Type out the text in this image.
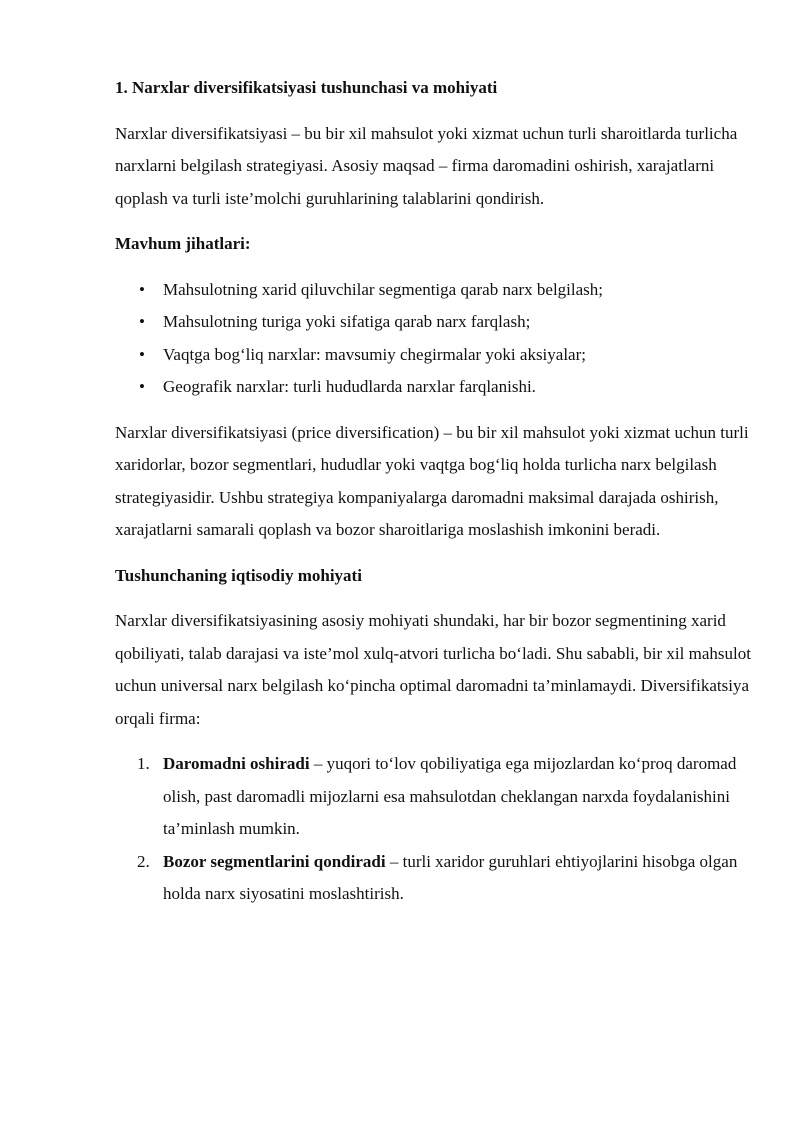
1. Narxlar diversifikatsiyasi tushunchasi va mohiyati

Narxlar diversifikatsiyasi – bu bir xil mahsulot yoki xizmat uchun turli sharoitlarda turlicha narxlarni belgilash strategiyasi. Asosiy maqsad – firma daromadini oshirish, xarajatlarni qoplash va turli iste’molchi guruhlarining talablarini qondirish.

Mavhum jihatlari:
• Mahsulotning xarid qiluvchilar segmentiga qarab narx belgilash;
• Mahsulotning turiga yoki sifatiga qarab narx farqlash;
• Vaqtga bog‘liq narxlar: mavsumiy chegirmalar yoki aksiyalar;
• Geografik narxlar: turli hududlarda narxlar farqlanishi.

Narxlar diversifikatsiyasi (price diversification) – bu bir xil mahsulot yoki xizmat uchun turli xaridorlar, bozor segmentlari, hududlar yoki vaqtga bog‘liq holda turlicha narx belgilash strategiyasidir. Ushbu strategiya kompaniyalarga daromadni maksimal darajada oshirish, xarajatlarni samarali qoplash va bozor sharoitlariga moslashish imkonini beradi.

Tushunchaning iqtisodiy mohiyati

Narxlar diversifikatsiyasining asosiy mohiyati shundaki, har bir bozor segmentining xarid qobiliyati, talab darajasi va iste’mol xulq-atvori turlicha bo‘ladi. Shu sababli, bir xil mahsulot uchun universal narx belgilash ko‘pincha optimal daromadni ta’minlamaydi. Diversifikatsiya orqali firma:

1. Daromadni oshiradi – yuqori to‘lov qobiliyatiga ega mijozlardan ko‘proq daromad olish, past daromadli mijozlarni esa mahsulotdan cheklangan narxda foydalanishini ta’minlash mumkin.
2. Bozor segmentlarini qondiradi – turli xaridor guruhlari ehtiyojlarini hisobga olgan holda narx siyosatini moslashtirish.
